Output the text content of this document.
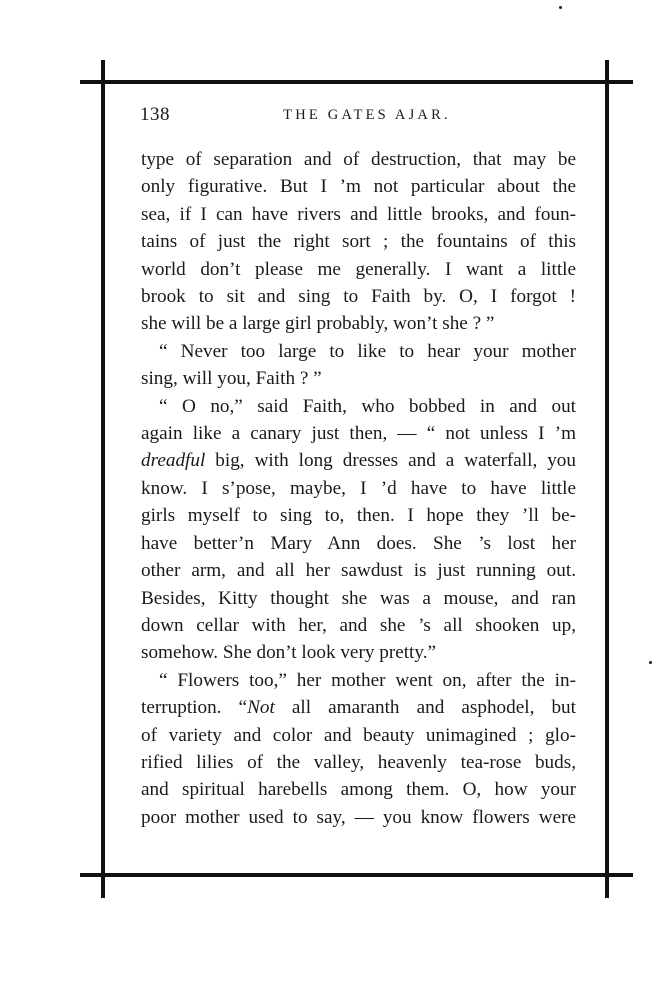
138	THE GATES AJAR.

type of separation and of destruction, that may be

only figurative. But I ’m not particular about the

sea, if I can have rivers and little brooks, and foun-

tains of just the right sort ; the fountains of this

world don’t please me generally. I want a little

brook to sit and sing to Faith by. O, I forgot !

she will be a large girl probably, won’t she ? ”

“ Never too large to like to hear your mother

sing, will you, Faith ? ”

“ O no,” said Faith, who bobbed in and out

again like a canary just then, — “ not unless I ’m

dreadful big, with long dresses and a waterfall, you

know. I s’pose, maybe, I ’d have to have little

girls myself to sing to, then. I hope they ’ll be-

have better’n Mary Ann does. She ’s lost her

other arm, and all her sawdust is just running out.

Besides, Kitty thought she was a mouse, and ran

down cellar with her, and she ’s all shooken up,

somehow. She don’t look very pretty.”

“ Flowers too,” her mother went on, after the in-

terruption. “Not all amaranth and asphodel, but

of variety and color and beauty unimagined ; glo-

rified lilies of the valley, heavenly tea-rose buds,

and spiritual harebells among them. O, how your

poor mother used to say, — you know flowers were
